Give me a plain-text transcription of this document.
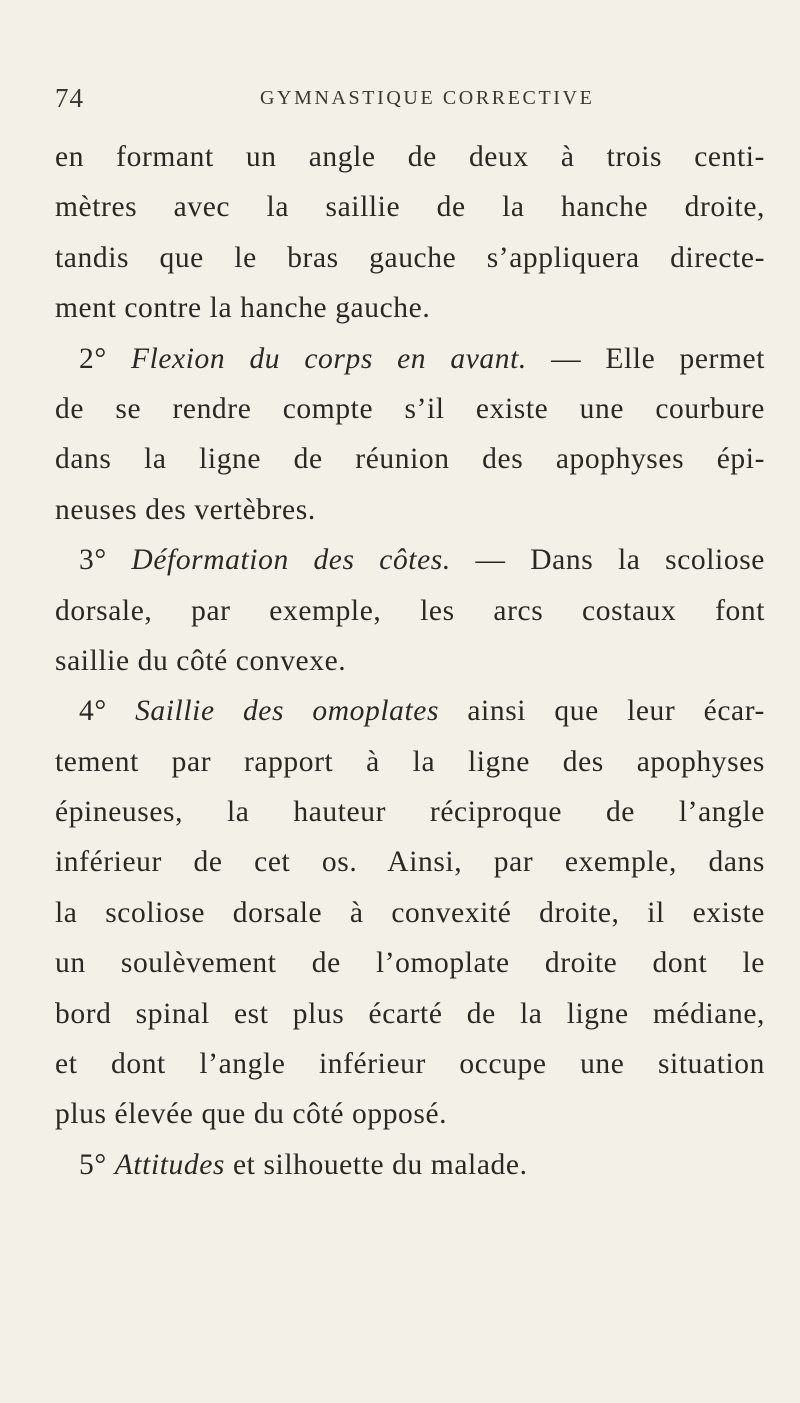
74	GYMNASTIQUE CORRECTIVE
en formant un angle de deux à trois centi-
mètres avec la saillie de la hanche droite,
tandis que le bras gauche s’appliquera directe-
ment contre la hanche gauche.
2° Flexion du corps en avant. — Elle permet
de se rendre compte s’il existe une courbure
dans la ligne de réunion des apophyses épi-
neuses des vertèbres.
3° Déformation des côtes. — Dans la scoliose
dorsale, par exemple, les arcs costaux font
saillie du côté convexe.
4° Saillie des omoplates ainsi que leur écar-
tement par rapport à la ligne des apophyses
épineuses, la hauteur réciproque de l’angle
inférieur de cet os. Ainsi, par exemple, dans
la scoliose dorsale à convexité droite, il existe
un soulèvement de l’omoplate droite dont le
bord spinal est plus écarté de la ligne médiane,
et dont l’angle inférieur occupe une situation
plus élevée que du côté opposé.
5° Attitudes et silhouette du malade.
